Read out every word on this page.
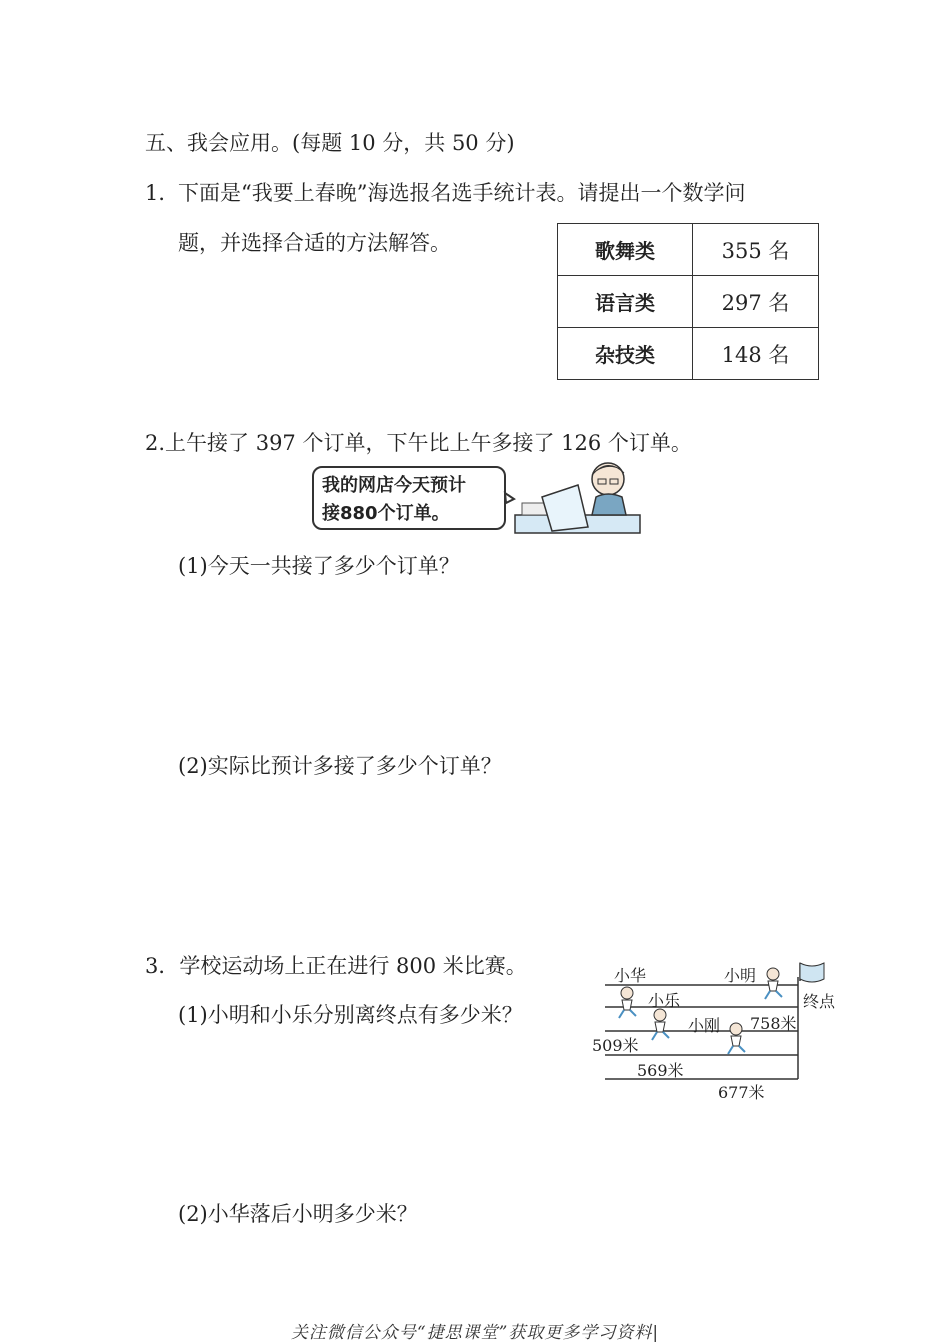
五、我会应用。(每题 10 分，共 50 分)
1．
下面是“我要上春晚”海选报名选手统计表。请提出一个数学问
题，并选择合适的方法解答。	歌舞类	355 名
语言类	297 名
杂技类	148 名
2.上午接了 397 个订单，下午比上午多接了 126 个订单。
我的网店今天预计
接880个订单。
(1)今天一共接了多少个订单？
(2)实际比预计多接了多少个订单？
3．学校运动场上正在进行 800 米比赛。
(1)小明和小乐分别离终点有多少米？
(2)小华落后小明多少米？
小华	小明
终点
小乐
小刚 758米
509米
569米
677米
关注微信公众号“捷思课堂”获取更多学习资料|
